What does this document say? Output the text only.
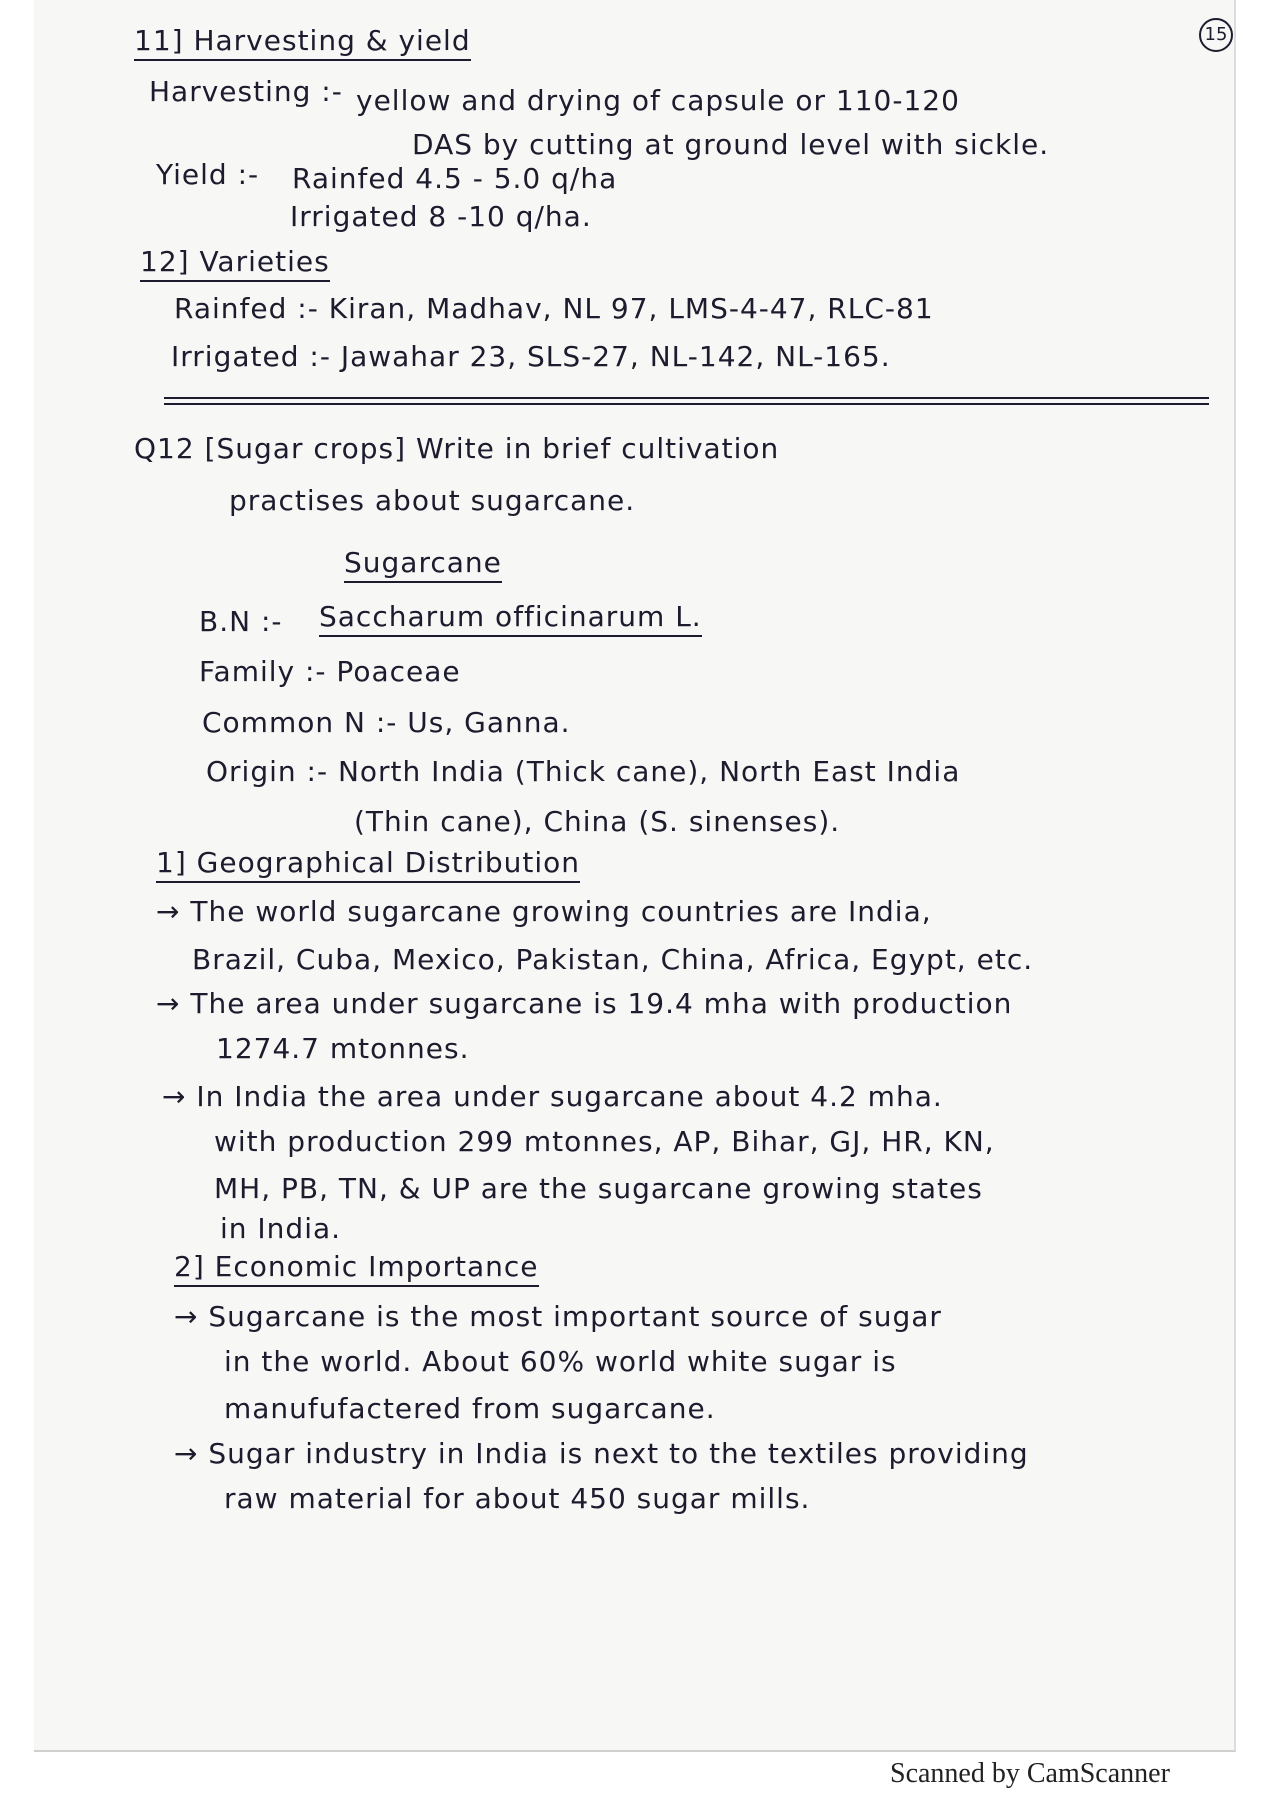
15
11] Harvesting & yield
Harvesting :- yellow and drying of capsule or 110-120
DAS by cutting at ground level with sickle.
Yield :- Rainfed 4.5 - 5.0 q/ha
Irrigated 8 -10 q/ha.
12] Varieties
Rainfed :- Kiran, Madhav, NL 97, LMS-4-47, RLC-81
Irrigated :- Jawahar 23, SLS-27, NL-142, NL-165.
Q12 [Sugar crops] Write in brief cultivation
practises about sugarcane.
Sugarcane
B.N :- Saccharum officinarum L.
Family :- Poaceae
Common N :- Us, Ganna.
Origin :- North India (Thick cane), North East India
(Thin cane), China (S. sinenses).
1] Geographical Distribution
→ The world sugarcane growing countries are India,
Brazil, Cuba, Mexico, Pakistan, China, Africa, Egypt, etc.
→ The area under sugarcane is 19.4 mha with production
1274.7 mtonnes.
→ In India the area under sugarcane about 4.2 mha.
with production 299 mtonnes, AP, Bihar, GJ, HR, KN,
MH, PB, TN, & UP are the sugarcane growing states
in India.
2] Economic Importance
→ Sugarcane is the most important source of sugar
in the world. About 60% world white sugar is
manufufactered from sugarcane.
→ Sugar industry in India is next to the textiles providing
raw material for about 450 sugar mills.
Scanned by CamScanner
